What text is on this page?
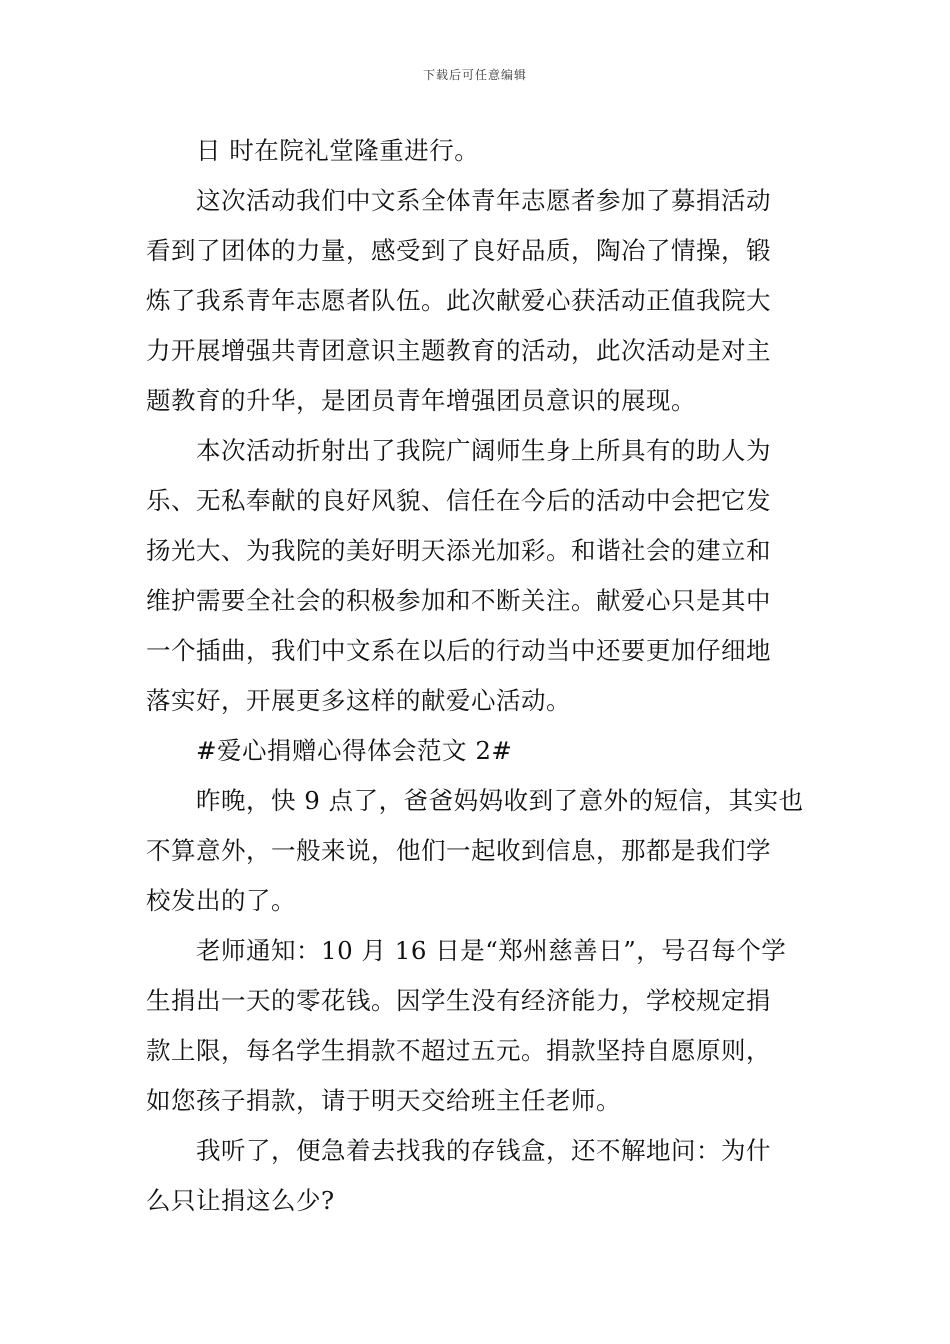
下载后可任意编辑
日 时在院礼堂隆重进行。
这次活动我们中文系全体青年志愿者参加了募捐活动
看到了团体的力量，感受到了良好品质，陶冶了情操，锻
炼了我系青年志愿者队伍。此次献爱心获活动正值我院大
力开展增强共青团意识主题教育的活动，此次活动是对主
题教育的升华，是团员青年增强团员意识的展现。
本次活动折射出了我院广阔师生身上所具有的助人为
乐、无私奉献的良好风貌、信任在今后的活动中会把它发
扬光大、为我院的美好明天添光加彩。和谐社会的建立和
维护需要全社会的积极参加和不断关注。献爱心只是其中
一个插曲，我们中文系在以后的行动当中还要更加仔细地
落实好，开展更多这样的献爱心活动。
#爱心捐赠心得体会范文 2#
昨晚，快 9 点了，爸爸妈妈收到了意外的短信，其实也
不算意外，一般来说，他们一起收到信息，那都是我们学
校发出的了。
老师通知：10 月 16 日是“郑州慈善日”，号召每个学
生捐出一天的零花钱。因学生没有经济能力，学校规定捐
款上限，每名学生捐款不超过五元。捐款坚持自愿原则，
如您孩子捐款，请于明天交给班主任老师。
我听了，便急着去找我的存钱盒，还不解地问：为什
么只让捐这么少?
